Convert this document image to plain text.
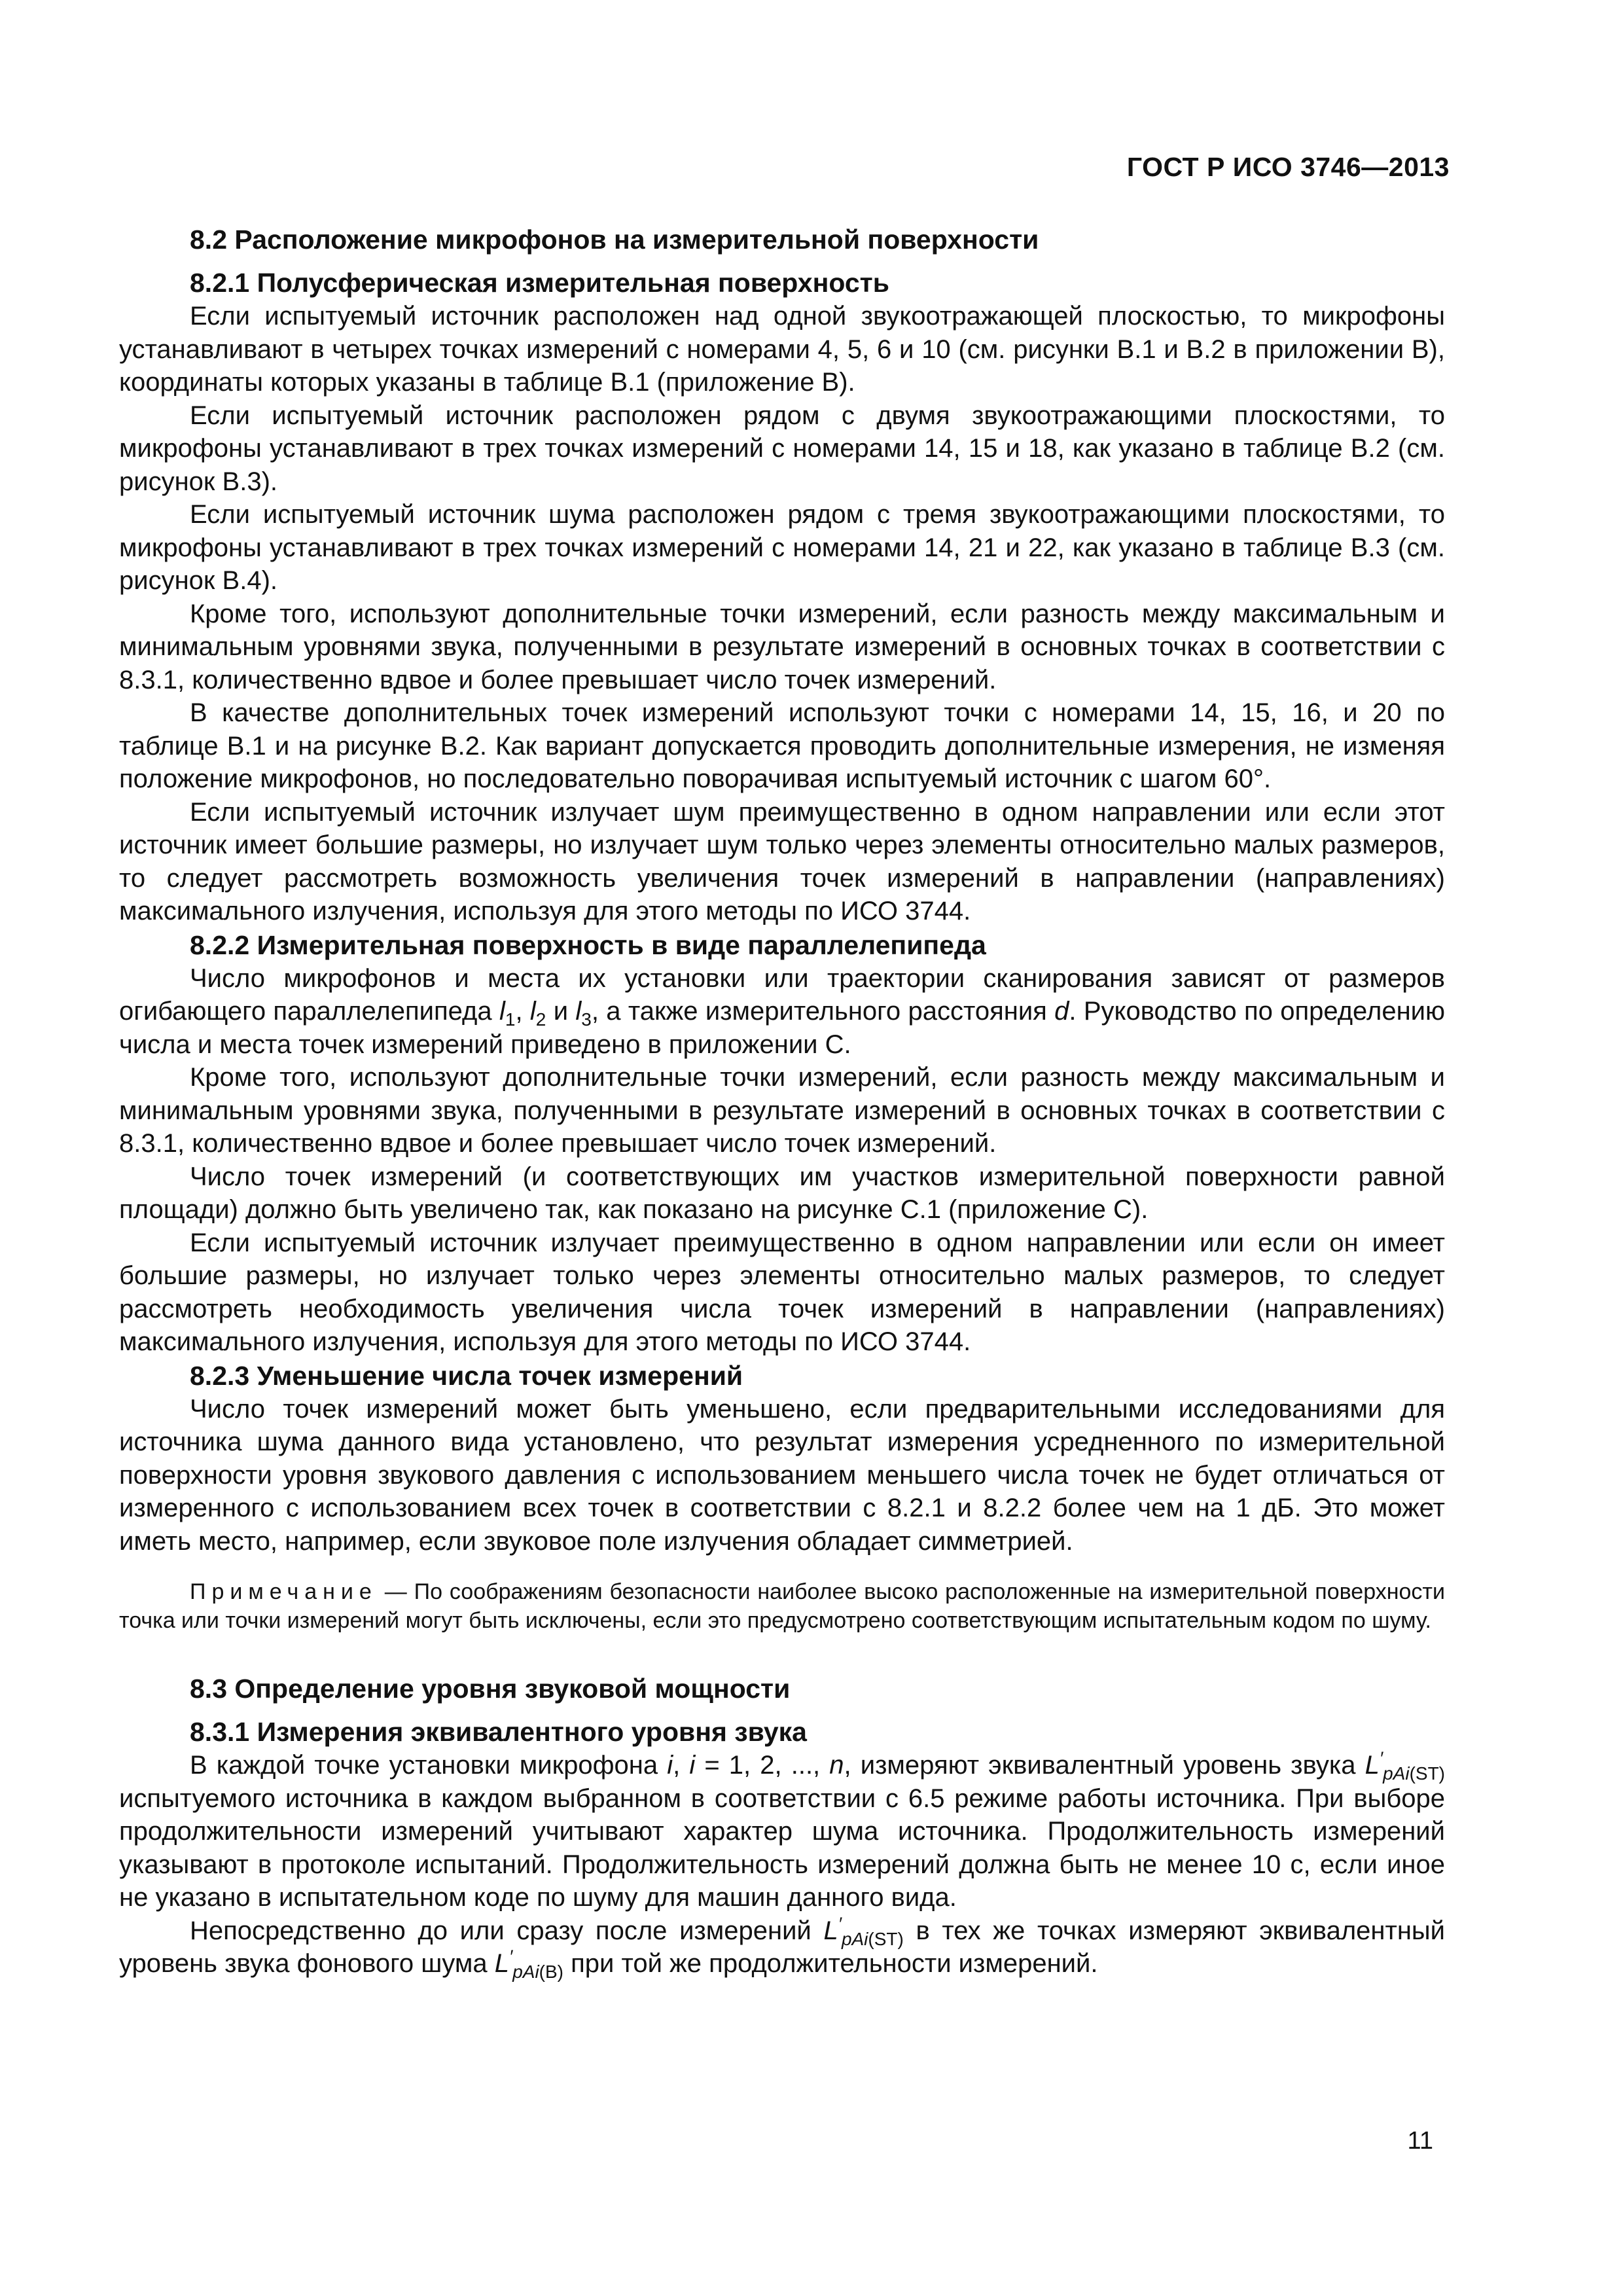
ГОСТ Р ИСО 3746—2013

8.2 Расположение микрофонов на измерительной поверхности

8.2.1 Полусферическая измерительная поверхность

Если испытуемый источник расположен над одной звукоотражающей плоскостью, то микрофоны устанавливают в четырех точках измерений с номерами 4, 5, 6 и 10 (см. рисунки В.1 и В.2 в приложении В), координаты которых указаны в таблице В.1 (приложение В).

Если испытуемый источник расположен рядом с двумя звукоотражающими плоскостями, то микрофоны устанавливают в трех точках измерений с номерами 14, 15 и 18, как указано в таблице В.2 (см. рисунок В.3).

Если испытуемый источник шума расположен рядом с тремя звукоотражающими плоскостями, то микрофоны устанавливают в трех точках измерений с номерами 14, 21 и 22, как указано в таблице В.3 (см. рисунок В.4).

Кроме того, используют дополнительные точки измерений, если разность между максимальным и минимальным уровнями звука, полученными в результате измерений в основных точках в соответствии с 8.3.1, количественно вдвое и более превышает число точек измерений.

В качестве дополнительных точек измерений используют точки с номерами 14, 15, 16, и 20 по таблице В.1 и на рисунке В.2. Как вариант допускается проводить дополнительные измерения, не изменяя положение микрофонов, но последовательно поворачивая испытуемый источник с шагом 60°.

Если испытуемый источник излучает шум преимущественно в одном направлении или если этот источник имеет большие размеры, но излучает шум только через элементы относительно малых размеров, то следует рассмотреть возможность увеличения точек измерений в направлении (направлениях) максимального излучения, используя для этого методы по ИСО 3744.

8.2.2 Измерительная поверхность в виде параллелепипеда

Число микрофонов и места их установки или траектории сканирования зависят от размеров огибающего параллелепипеда $l_1$, $l_2$ и $l_3$, а также измерительного расстояния d. Руководство по определению числа и места точек измерений приведено в приложении С.

Кроме того, используют дополнительные точки измерений, если разность между максимальным и минимальным уровнями звука, полученными в результате измерений в основных точках в соответствии с 8.3.1, количественно вдвое и более превышает число точек измерений.

Число точек измерений (и соответствующих им участков измерительной поверхности равной площади) должно быть увеличено так, как показано на рисунке С.1 (приложение С).

Если испытуемый источник излучает преимущественно в одном направлении или если он имеет большие размеры, но излучает только через элементы относительно малых размеров, то следует рассмотреть необходимость увеличения числа точек измерений в направлении (направлениях) максимального излучения, используя для этого методы по ИСО 3744.

8.2.3 Уменьшение числа точек измерений

Число точек измерений может быть уменьшено, если предварительными исследованиями для источника шума данного вида установлено, что результат измерения усредненного по измерительной поверхности уровня звукового давления с использованием меньшего числа точек не будет отличаться от измеренного с использованием всех точек в соответствии с 8.2.1 и 8.2.2 более чем на 1 дБ. Это может иметь место, например, если звуковое поле излучения обладает симметрией.

Примечание — По соображениям безопасности наиболее высоко расположенные на измерительной поверхности точка или точки измерений могут быть исключены, если это предусмотрено соответствующим испытательным кодом по шуму.

8.3 Определение уровня звуковой мощности

8.3.1 Измерения эквивалентного уровня звука

В каждой точке установки микрофона i, i = 1, 2, ..., n, измеряют эквивалентный уровень звука $L'_{pAi(ST)}$ испытуемого источника в каждом выбранном в соответствии с 6.5 режиме работы источника. При выборе продолжительности измерений учитывают характер шума источника. Продолжительность измерений указывают в протоколе испытаний. Продолжительность измерений должна быть не менее 10 с, если иное не указано в испытательном коде по шуму для машин данного вида.

Непосредственно до или сразу после измерений $L'_{pAi(ST)}$ в тех же точках измеряют эквивалентный уровень звука фонового шума $L'_{pAi(B)}$ при той же продолжительности измерений.

11
